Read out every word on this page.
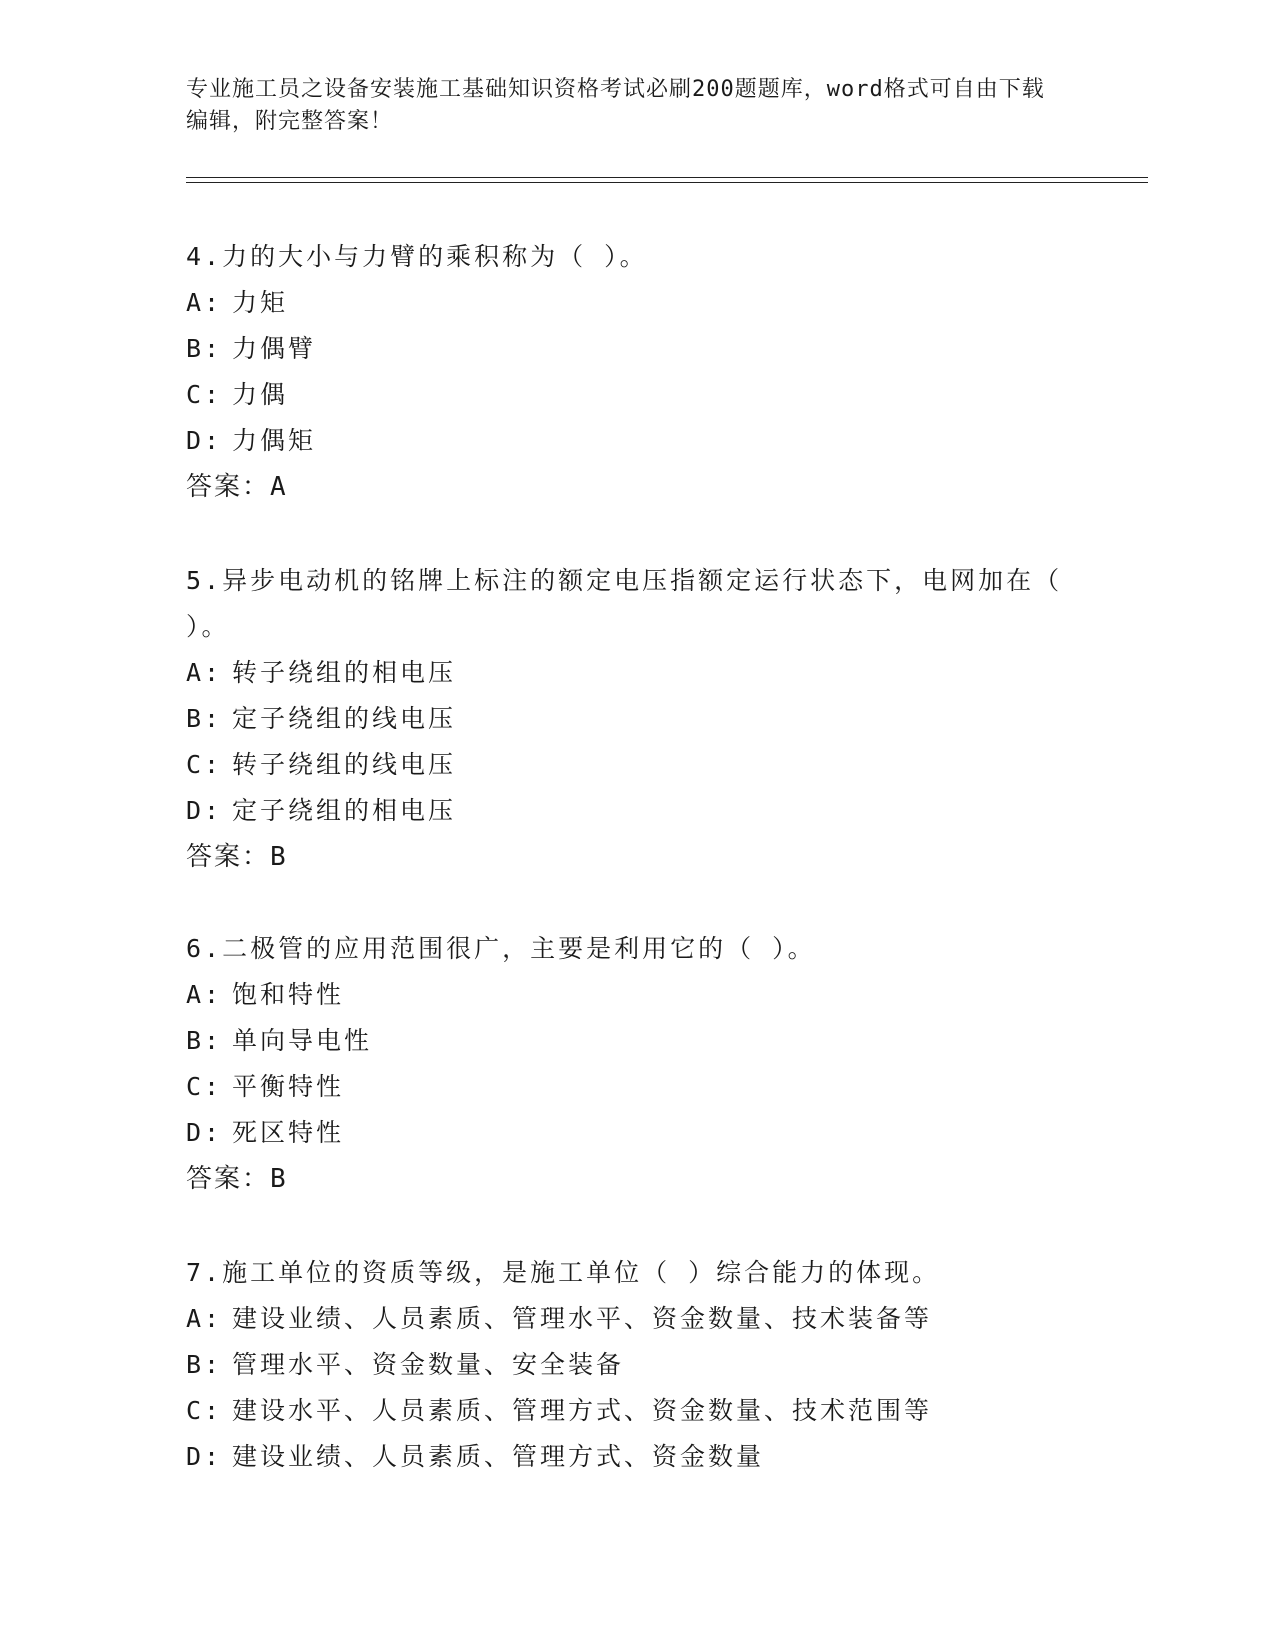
专业施工员之设备安装施工基础知识资格考试必刷200题题库，word格式可自由下载编辑，附完整答案！
4.力的大小与力臂的乘积称为（ ）。
A: 力矩
B: 力偶臂
C: 力偶
D: 力偶矩
答案：A
5.异步电动机的铭牌上标注的额定电压指额定运行状态下，电网加在（ ）。
A: 转子绕组的相电压
B: 定子绕组的线电压
C: 转子绕组的线电压
D: 定子绕组的相电压
答案：B
6.二极管的应用范围很广，主要是利用它的（ ）。
A: 饱和特性
B: 单向导电性
C: 平衡特性
D: 死区特性
答案：B
7.施工单位的资质等级，是施工单位（ ）综合能力的体现。
A: 建设业绩、人员素质、管理水平、资金数量、技术装备等
B: 管理水平、资金数量、安全装备
C: 建设水平、人员素质、管理方式、资金数量、技术范围等
D: 建设业绩、人员素质、管理方式、资金数量
